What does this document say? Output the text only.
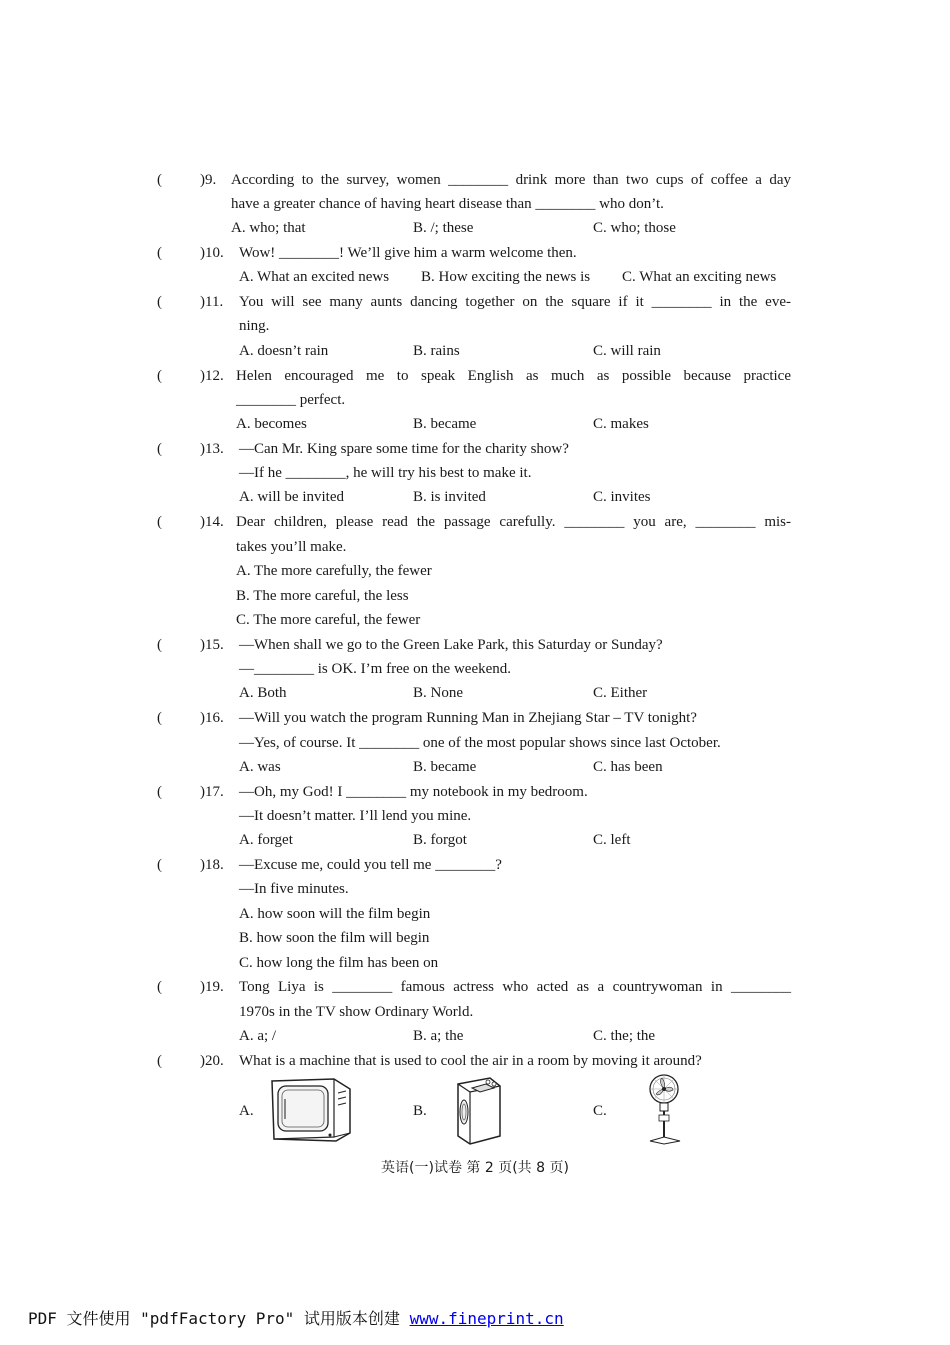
(	)9. According to the survey, women ________ drink more than two cups of coffee a day
have a greater chance of having heart disease than ________ who don’t.
A. who; that	B. /; these	C. who; those
(	)10. Wow! ________! We’ll give him a warm welcome then.
A. What an excited news B. How exciting the news is C. What an exciting news
(	)11. You will see many aunts dancing together on the square if it ________ in the eve-
ning.
A. doesn’t rain	B. rains	C. will rain
(	)12. Helen encouraged me to speak English as much as possible because practice
________ perfect.
A. becomes	B. became	C. makes
(	)13. —Can Mr. King spare some time for the charity show?
—If he ________, he will try his best to make it.
A. will be invited	B. is invited	C. invites
(	)14. Dear children, please read the passage carefully. ________ you are, ________ mis-
takes you’ll make.
A. The more carefully, the fewer
B. The more careful, the less
C. The more careful, the fewer
(	)15. —When shall we go to the Green Lake Park, this Saturday or Sunday?
—________ is OK. I’m free on the weekend.
A. Both	B. None	C. Either
(	)16. —Will you watch the program Running Man in Zhejiang Star – TV tonight?
—Yes, of course. It ________ one of the most popular shows since last October.
A. was	B. became	C. has been
(	)17. —Oh, my God! I ________ my notebook in my bedroom.
—It doesn’t matter. I’ll lend you mine.
A. forget	B. forgot	C. left
(	)18. —Excuse me, could you tell me ________?
—In five minutes.
A. how soon will the film begin
B. how soon the film will begin
C. how long the film has been on
(	)19. Tong Liya is ________ famous actress who acted as a countrywoman in ________
1970s in the TV show Ordinary World.
A. a; /	B. a; the	C. the; the
(	)20. What is a machine that is used to cool the air in a room by moving it around?
A.	B.	C.
英语(一)试卷 第 2 页(共 8 页)
PDF 文件使用 "pdfFactory Pro" 试用版本创建 www.fineprint.cn
